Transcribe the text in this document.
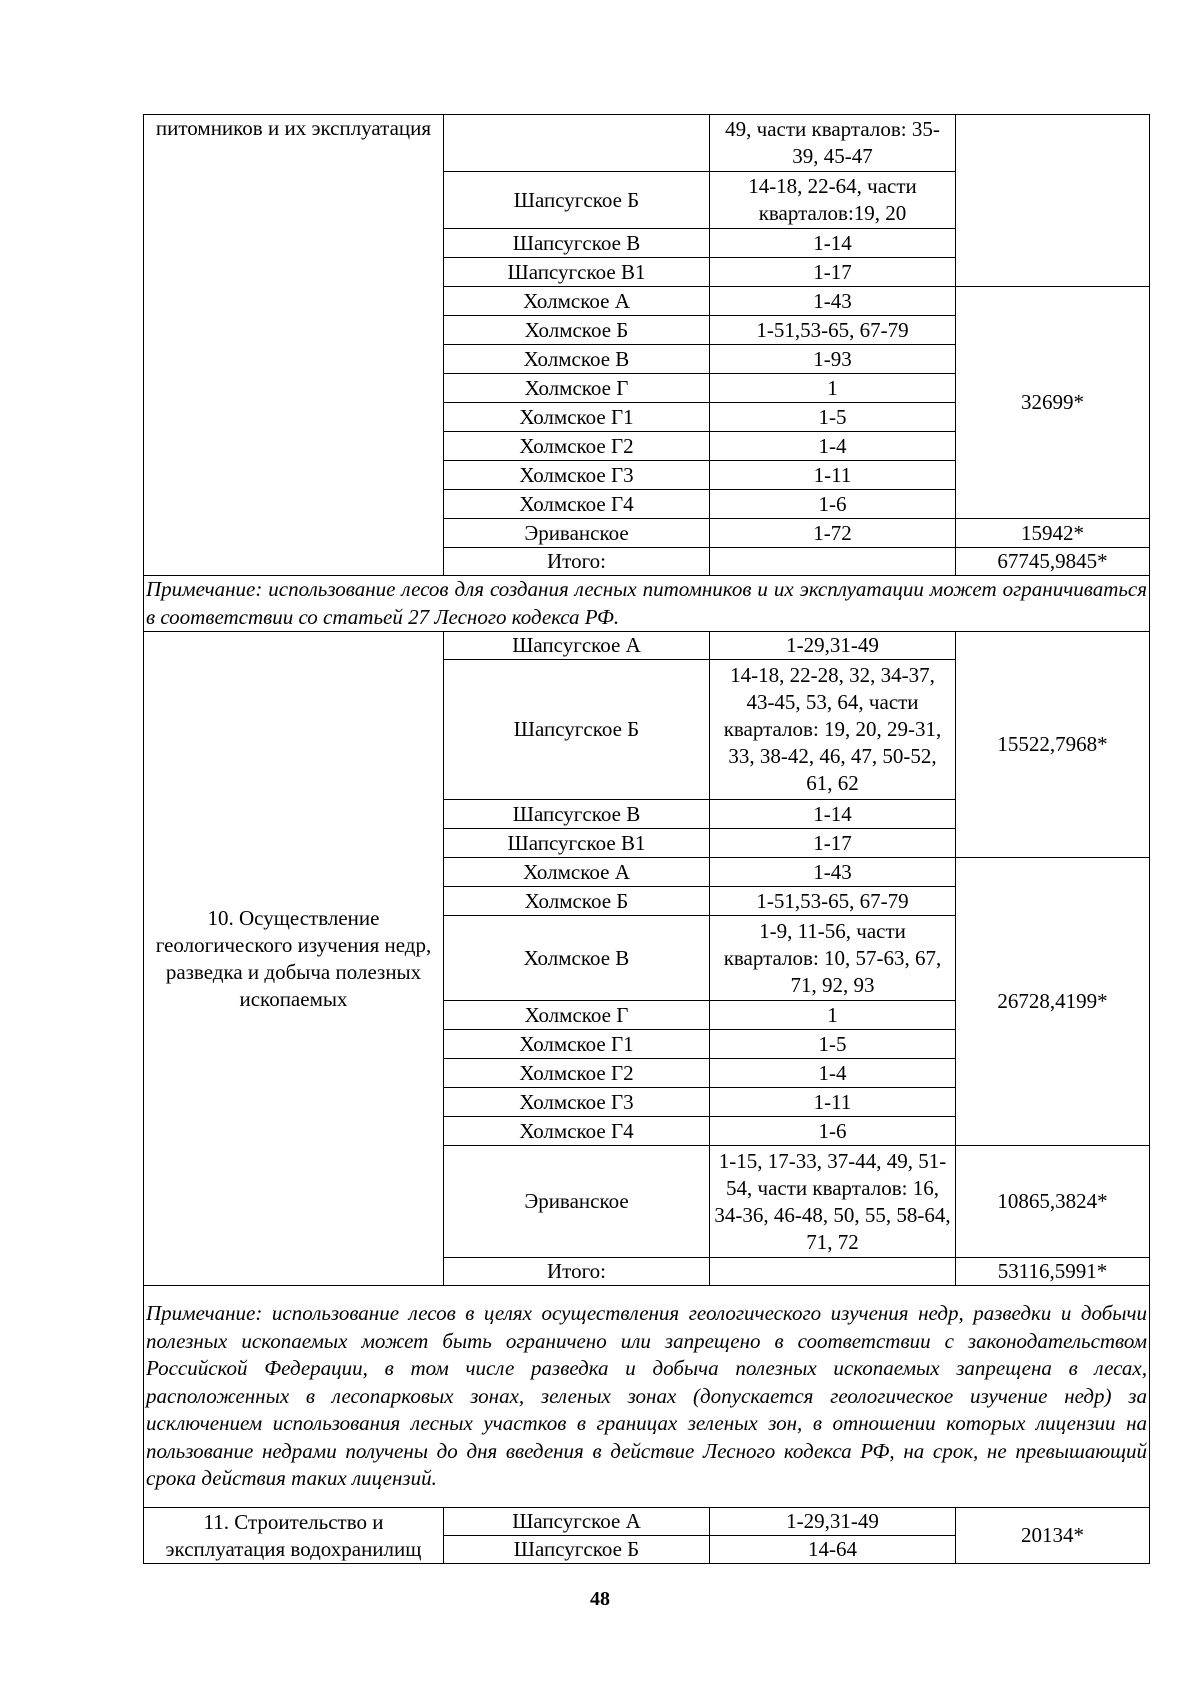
питомников и их эксплуатация		49, части кварталов: 35-39, 45-47	
	Шапсугское Б	14-18, 22-64, части кварталов:19, 20	
	Шапсугское В	1-14	
	Шапсугское В1	1-17	
	Холмское А	1-43	32699*
	Холмское Б	1-51,53-65, 67-79	
	Холмское В	1-93	
	Холмское Г	1	
	Холмское Г1	1-5	
	Холмское Г2	1-4	
	Холмское Г3	1-11	
	Холмское Г4	1-6	
	Эриванское	1-72	15942*
	Итого:		67745,9845*
Примечание: использование лесов для создания лесных питомников и их эксплуатации может ограничиваться в соответствии со статьей 27 Лесного кодекса РФ.			
10. Осуществление геологического изучения недр, разведка и добыча полезных ископаемых	Шапсугское А	1-29,31-49	15522,7968*
	Шапсугское Б	14-18, 22-28, 32, 34-37, 43-45, 53, 64, части кварталов: 19, 20, 29-31, 33, 38-42, 46, 47, 50-52, 61, 62	
	Шапсугское В	1-14	
	Шапсугское В1	1-17	
	Холмское А	1-43	26728,4199*
	Холмское Б	1-51,53-65, 67-79	
	Холмское В	1-9, 11-56, части кварталов: 10, 57-63, 67, 71, 92, 93	
	Холмское Г	1	
	Холмское Г1	1-5	
	Холмское Г2	1-4	
	Холмское Г3	1-11	
	Холмское Г4	1-6	
	Эриванское	1-15, 17-33, 37-44, 49, 51-54, части кварталов: 16, 34-36, 46-48, 50, 55, 58-64, 71, 72	10865,3824*
	Итого:		53116,5991*
Примечание: использование лесов в целях осуществления геологического изучения недр, разведки и добычи полезных ископаемых может быть ограничено или запрещено в соответствии с законодательством Российской Федерации, в том числе разведка и добыча полезных ископаемых запрещена в лесах, расположенных в лесопарковых зонах, зеленых зонах (допускается геологическое изучение недр) за исключением использования лесных участков в границах зеленых зон, в отношении которых лицензии на пользование недрами получены до дня введения в действие Лесного кодекса РФ, на срок, не превышающий срока действия таких лицензий.			
11. Строительство и эксплуатация водохранилищ	Шапсугское А	1-29,31-49	20134*
	Шапсугское Б	14-64	
48
